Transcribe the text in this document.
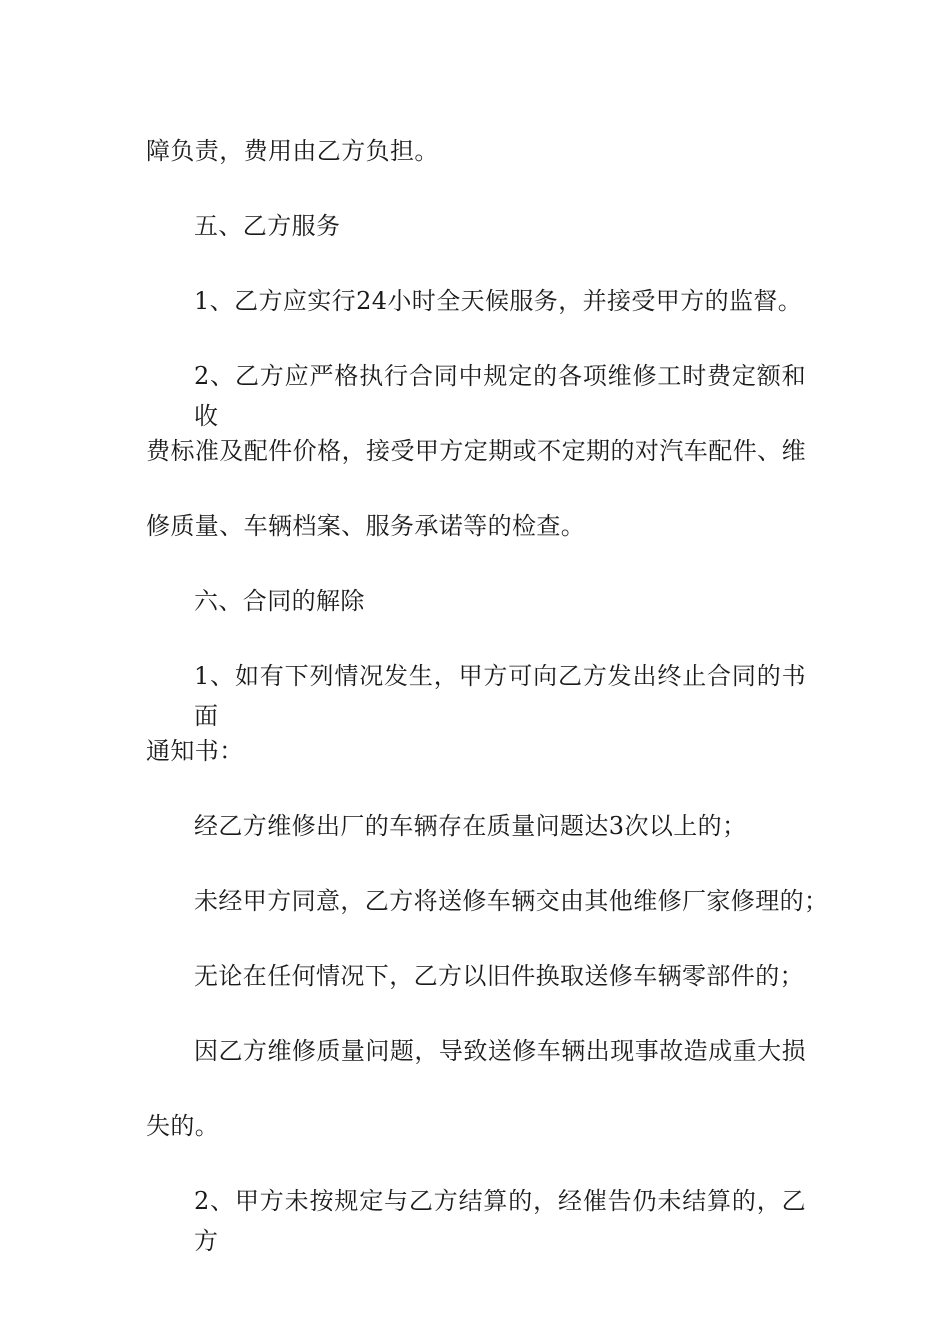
障负责，费用由乙方负担。
五、乙方服务
1、乙方应实行24小时全天候服务，并接受甲方的监督。
2、乙方应严格执行合同中规定的各项维修工时费定额和收
费标准及配件价格，接受甲方定期或不定期的对汽车配件、维
修质量、车辆档案、服务承诺等的检查。
六、合同的解除
1、如有下列情况发生，甲方可向乙方发出终止合同的书面
通知书：
经乙方维修出厂的车辆存在质量问题达3次以上的；
未经甲方同意，乙方将送修车辆交由其他维修厂家修理的；
无论在任何情况下，乙方以旧件换取送修车辆零部件的；
因乙方维修质量问题，导致送修车辆出现事故造成重大损
失的。
2、甲方未按规定与乙方结算的，经催告仍未结算的，乙方
